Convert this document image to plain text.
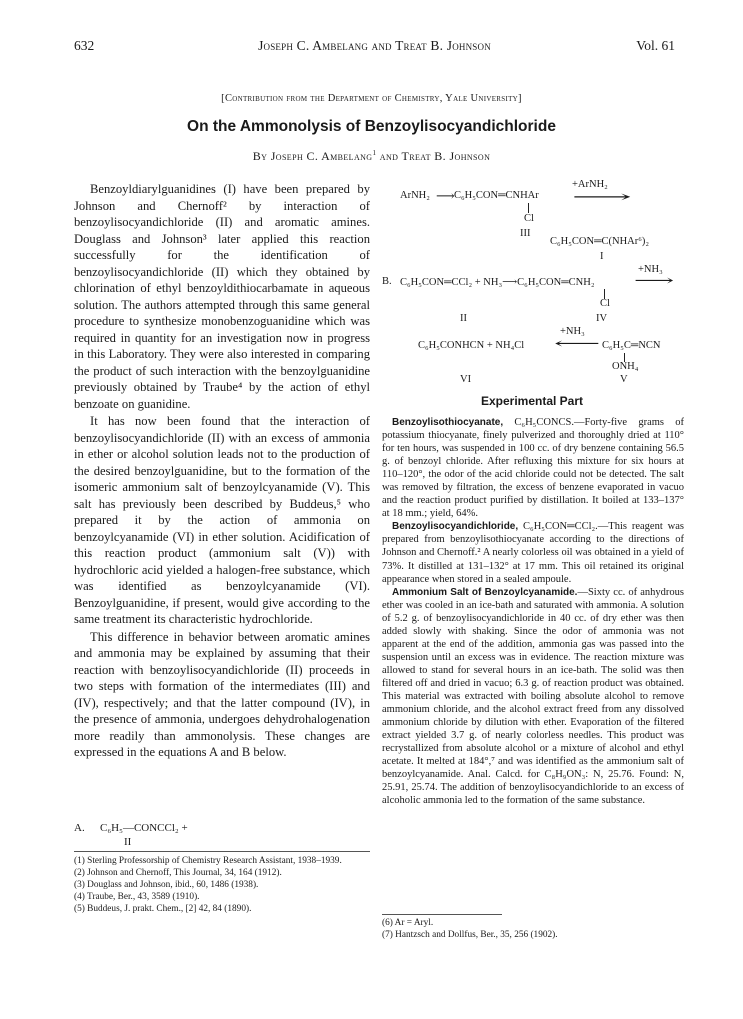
632	Joseph C. Ambelang and Treat B. Johnson	Vol. 61
[Contribution from the Department of Chemistry, Yale University]
On the Ammonolysis of Benzoylisocyandichloride
By Joseph C. Ambelang$^1$ and Treat B. Johnson

Benzoyldiarylguanidines (I) have been prepared by Johnson and Chernoff² by interaction of benzoylisocyandichloride (II) and aromatic amines. Douglass and Johnson³ later applied this reaction successfully for the identification of benzoylisocyandichloride (II) which they obtained by chlorination of ethyl benzoyldithiocarbamate in aqueous solution. The authors attempted through this same general procedure to synthesize monobenzoguanidine which was required in quantity for an investigation now in progress in this Laboratory. They were also interested in comparing the product of such interaction with the benzoylguanidine previously obtained by Traube⁴ by the action of ethyl benzoate on guanidine.

It has now been found that the interaction of benzoylisocyandichloride (II) with an excess of ammonia in ether or alcohol solution leads not to the production of the desired benzoylguanidine, but to the formation of the isomeric ammonium salt of benzoylcyanamide (V). This salt has previously been described by Buddeus,⁵ who prepared it by the action of ammonia on benzoylcyanamide (VI) in ether solution. Acidification of this reaction product (ammonium salt (V)) with hydrochloric acid yielded a halogen-free substance, which was identified as benzoylcyanamide (VI). Benzoylguanidine, if present, would give according to the same treatment its characteristic hydrochloride.

This difference in behavior between aromatic amines and ammonia may be explained by assuming that their reaction with benzoylisocyandichloride (II) proceeds in two steps with formation of the intermediates (III) and (IV), respectively; and that the latter compound (IV), in the presence of ammonia, undergoes dehydrohalogenation more readily than ammonolysis. These changes are expressed in the equations A and B below.

A. C₆H₅—CONCCl₂ +
II
(1) Sterling Professorship of Chemistry Research Assistant, 1938–1939.
(2) Johnson and Chernoff, This Journal, 34, 164 (1912).
(3) Douglass and Johnson, ibid., 60, 1486 (1938).
(4) Traube, Ber., 43, 3589 (1910).
(5) Buddeus, J. prakt. Chem., [2] 42, 84 (1890).
ArNH₂ ⟶ C₆H₅CON═CNHAr
+ArNH₂
⟶
Cl
III
C₆H₅CON═C(NHAr⁶)₂
I
B. C₆H₅CON═CCl₂ + NH₃⟶C₆H₅CON═CNH₂
+NH₃
⟶
Cl
II	IV
C₆H₅CONHCN + NH₄Cl
+NH₃
⟵ C₆H₅C═NCN
ONH₄
VI	V
Experimental Part

Benzoylisothiocyanate, C₆H₅CONCS.—Forty-five grams of potassium thiocyanate, finely pulverized and thoroughly dried at 110° for ten hours, was suspended in 100 cc. of dry benzene containing 56.5 g. of benzoyl chloride. After refluxing this mixture for six hours at 110–120°, the odor of the acid chloride could not be detected. The salt was removed by filtration, the excess of benzene evaporated in vacuo and the reaction product purified by distillation. It boiled at 133–137° at 18 mm.; yield, 64%.

Benzoylisocyandichloride, C₆H₅CON═CCl₂.—This reagent was prepared from benzoylisothiocyanate according to the directions of Johnson and Chernoff.² A nearly colorless oil was obtained in a yield of 73%. It distilled at 131–132° at 17 mm. This oil retained its original appearance when stored in a sealed ampoule.

Ammonium Salt of Benzoylcyanamide.—Sixty cc. of anhydrous ether was cooled in an ice-bath and saturated with ammonia. A solution of 5.2 g. of benzoylisocyandichloride in 40 cc. of dry ether was then added slowly with shaking. Since the odor of ammonia was not apparent at the end of the addition, ammonia gas was passed into the suspension until an excess was in evidence. The reaction mixture was allowed to stand for several hours in an ice-bath. The solid was then filtered off and dried in vacuo; 6.3 g. of reaction product was obtained. This material was extracted with boiling absolute alcohol to remove ammonium chloride, and the alcohol extract freed from any dissolved ammonium chloride by dilution with ether. Evaporation of the filtered extract yielded 3.7 g. of nearly colorless needles. This product was recrystallized from absolute alcohol or a mixture of alcohol and ethyl acetate. It melted at 184°,⁷ and was identified as the ammonium salt of benzoylcyanamide. Anal. Calcd. for C₈H₉ON₃: N, 25.76. Found: N, 25.91, 25.74. The addition of benzoylisocyandichloride to an excess of alcoholic ammonia led to the formation of the same substance.

(6) Ar = Aryl.
(7) Hantzsch and Dollfus, Ber., 35, 256 (1902).
